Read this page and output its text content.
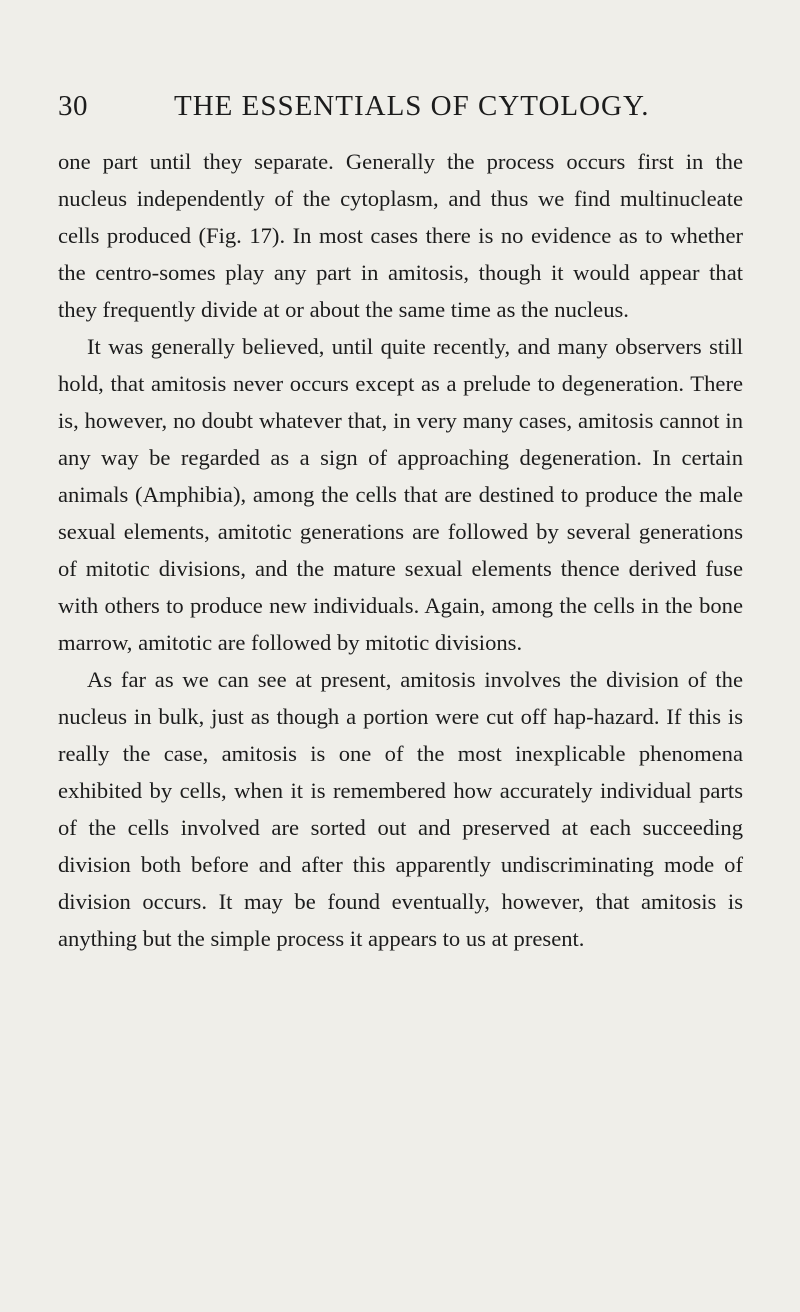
30	THE ESSENTIALS OF CYTOLOGY.

one part until they separate. Generally the process occurs first in the nucleus independently of the cytoplasm, and thus we find multinucleate cells produced (Fig. 17). In most cases there is no evidence as to whether the centro-somes play any part in amitosis, though it would appear that they frequently divide at or about the same time as the nucleus.

It was generally believed, until quite recently, and many observers still hold, that amitosis never occurs except as a prelude to degeneration. There is, however, no doubt whatever that, in very many cases, amitosis cannot in any way be regarded as a sign of approaching degeneration. In certain animals (Amphibia), among the cells that are destined to produce the male sexual elements, amitotic generations are followed by several generations of mitotic divisions, and the mature sexual elements thence derived fuse with others to produce new individuals. Again, among the cells in the bone marrow, amitotic are followed by mitotic divisions.

As far as we can see at present, amitosis involves the division of the nucleus in bulk, just as though a portion were cut off hap-hazard. If this is really the case, amitosis is one of the most inexplicable phenomena exhibited by cells, when it is remembered how accurately individual parts of the cells involved are sorted out and preserved at each succeeding division both before and after this apparently undiscriminating mode of division occurs. It may be found eventually, however, that amitosis is anything but the simple process it appears to us at present.
